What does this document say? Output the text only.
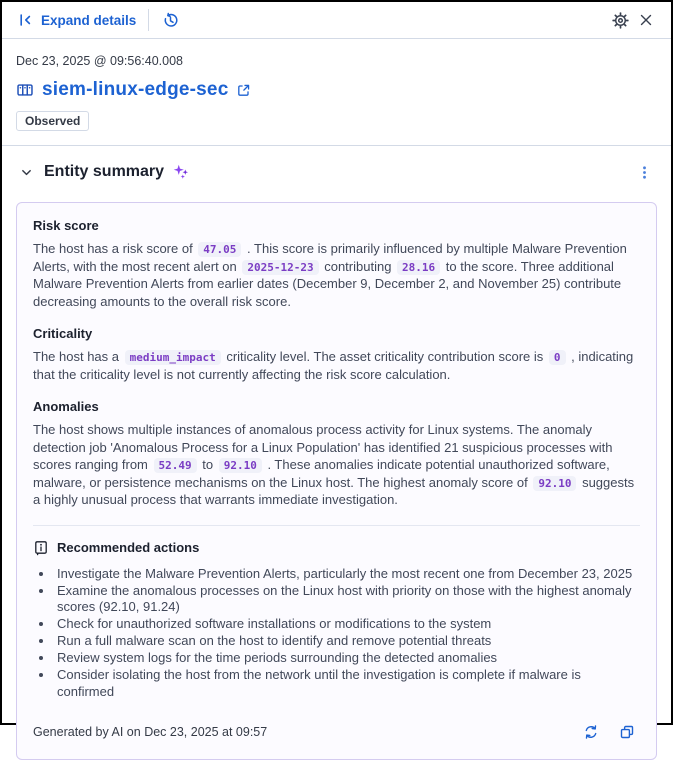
Expand details
Dec 23, 2025 @ 09:56:40.008
siem-linux-edge-sec
Observed
Entity summary
Risk score
The host has a risk score of 47.05 . This score is primarily influenced by multiple Malware Prevention Alerts, with the most recent alert on 2025-12-23 contributing 28.16 to the score. Three additional Malware Prevention Alerts from earlier dates (December 9, December 2, and November 25) contribute decreasing amounts to the overall risk score.
Criticality
The host has a medium_impact criticality level. The asset criticality contribution score is 0 , indicating that the criticality level is not currently affecting the risk score calculation.
Anomalies
The host shows multiple instances of anomalous process activity for Linux systems. The anomaly detection job 'Anomalous Process for a Linux Population' has identified 21 suspicious processes with scores ranging from 52.49 to 92.10 . These anomalies indicate potential unauthorized software, malware, or persistence mechanisms on the Linux host. The highest anomaly score of 92.10 suggests a highly unusual process that warrants immediate investigation.
Recommended actions
• Investigate the Malware Prevention Alerts, particularly the most recent one from December 23, 2025
• Examine the anomalous processes on the Linux host with priority on those with the highest anomaly scores (92.10, 91.24)
• Check for unauthorized software installations or modifications to the system
• Run a full malware scan on the host to identify and remove potential threats
• Review system logs for the time periods surrounding the detected anomalies
• Consider isolating the host from the network until the investigation is complete if malware is confirmed
Generated by AI on Dec 23, 2025 at 09:57
